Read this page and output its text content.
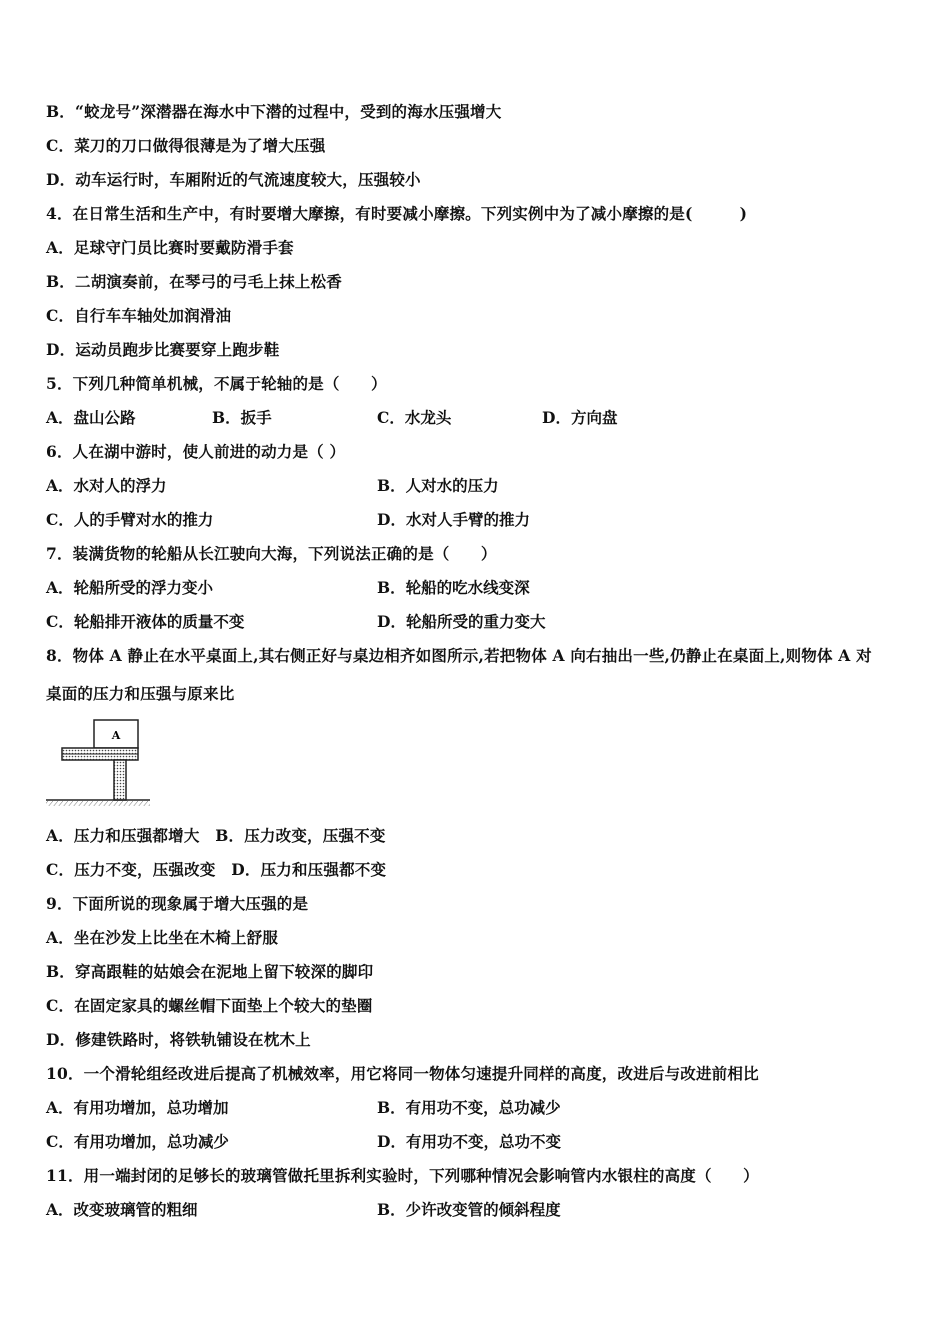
B．“蛟龙号”深潜器在海水中下潜的过程中，受到的海水压强增大
C．菜刀的刀口做得很薄是为了增大压强
D．动车运行时，车厢附近的气流速度较大，压强较小
4．在日常生活和生产中，有时要增大摩擦，有时要减小摩擦。下列实例中为了减小摩擦的是(　　　)
A．足球守门员比赛时要戴防滑手套
B．二胡演奏前，在琴弓的弓毛上抹上松香
C．自行车车轴处加润滑油
D．运动员跑步比赛要穿上跑步鞋
5．下列几种简单机械，不属于轮轴的是（　　）
A．盘山公路	B．扳手	C．水龙头	D．方向盘
6．人在湖中游时，使人前进的动力是（ ）
A．水对人的浮力	B．人对水的压力
C．人的手臂对水的推力	D．水对人手臂的推力
7．装满货物的轮船从长江驶向大海，下列说法正确的是（　　）
A．轮船所受的浮力变小	B．轮船的吃水线变深
C．轮船排开液体的质量不变	D．轮船所受的重力变大
8．物体 A 静止在水平桌面上,其右侧正好与桌边相齐如图所示,若把物体 A 向右抽出一些,仍静止在桌面上,则物体 A 对
桌面的压力和压强与原来比
A
A．压力和压强都增大　B．压力改变，压强不变
C．压力不变，压强改变　D．压力和压强都不变
9．下面所说的现象属于增大压强的是
A．坐在沙发上比坐在木椅上舒服
B．穿高跟鞋的姑娘会在泥地上留下较深的脚印
C．在固定家具的螺丝帽下面垫上个较大的垫圈
D．修建铁路时，将铁轨铺设在枕木上
10．一个滑轮组经改进后提高了机械效率，用它将同一物体匀速提升同样的高度，改进后与改进前相比
A．有用功增加，总功增加	B．有用功不变，总功减少
C．有用功增加，总功减少	D．有用功不变，总功不变
11．用一端封闭的足够长的玻璃管做托里拆利实验时，下列哪种情况会影响管内水银柱的高度（　　）
A．改变玻璃管的粗细	B．少许改变管的倾斜程度
